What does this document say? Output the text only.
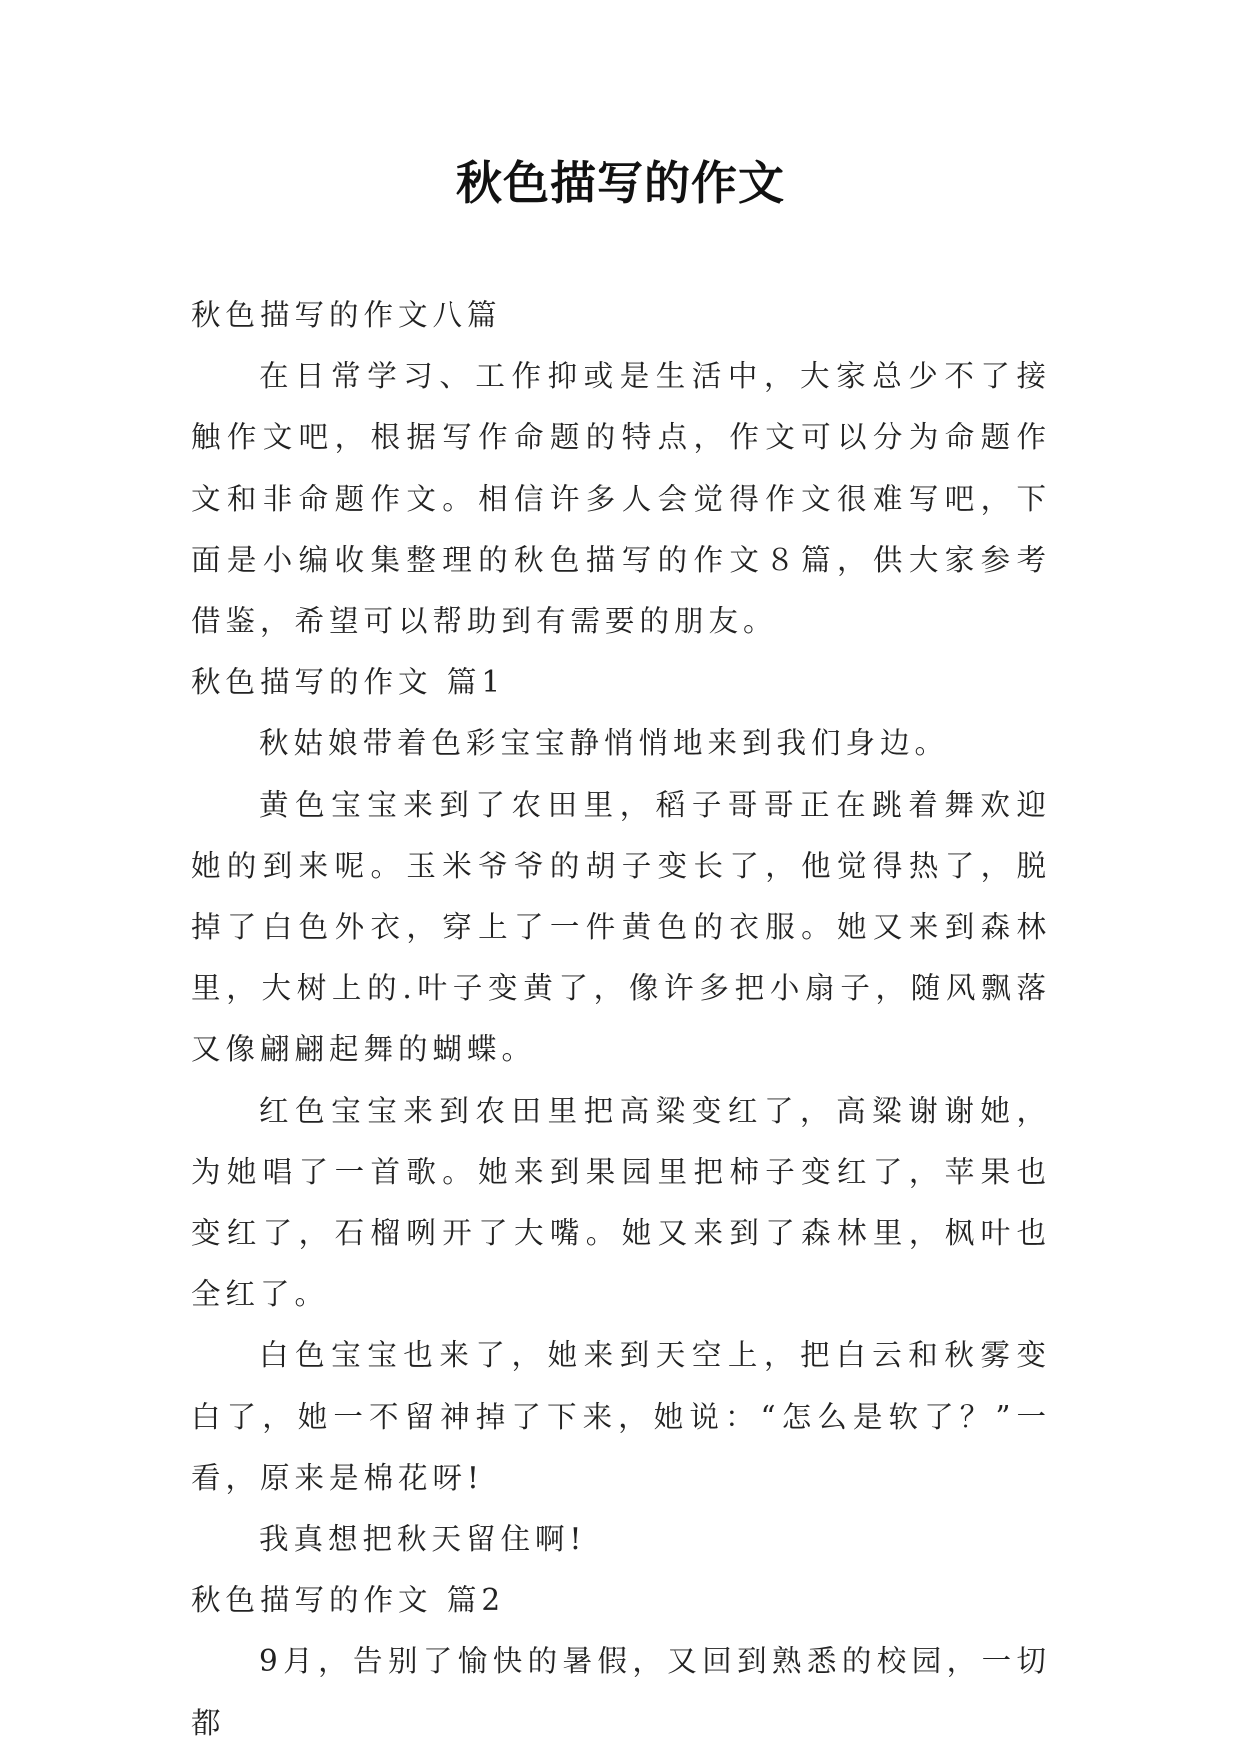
秋色描写的作文

秋色描写的作文八篇

在日常学习、工作抑或是生活中，大家总少不了接触作文吧，根据写作命题的特点，作文可以分为命题作文和非命题作文。相信许多人会觉得作文很难写吧，下面是小编收集整理的秋色描写的作文８篇，供大家参考借鉴，希望可以帮助到有需要的朋友。

秋色描写的作文 篇1

秋姑娘带着色彩宝宝静悄悄地来到我们身边。

黄色宝宝来到了农田里，稻子哥哥正在跳着舞欢迎她的到来呢。玉米爷爷的胡子变长了，他觉得热了，脱掉了白色外衣，穿上了一件黄色的衣服。她又来到森林里，大树上的.叶子变黄了，像许多把小扇子，随风飘落又像翩翩起舞的蝴蝶。

红色宝宝来到农田里把高粱变红了，高粱谢谢她，为她唱了一首歌。她来到果园里把柿子变红了，苹果也变红了，石榴咧开了大嘴。她又来到了森林里，枫叶也全红了。

白色宝宝也来了，她来到天空上，把白云和秋雾变白了，她一不留神掉了下来，她说：“怎么是软了？”一看，原来是棉花呀!

我真想把秋天留住啊!

秋色描写的作文 篇2

9月，告别了愉快的暑假，又回到熟悉的校园，一切都
